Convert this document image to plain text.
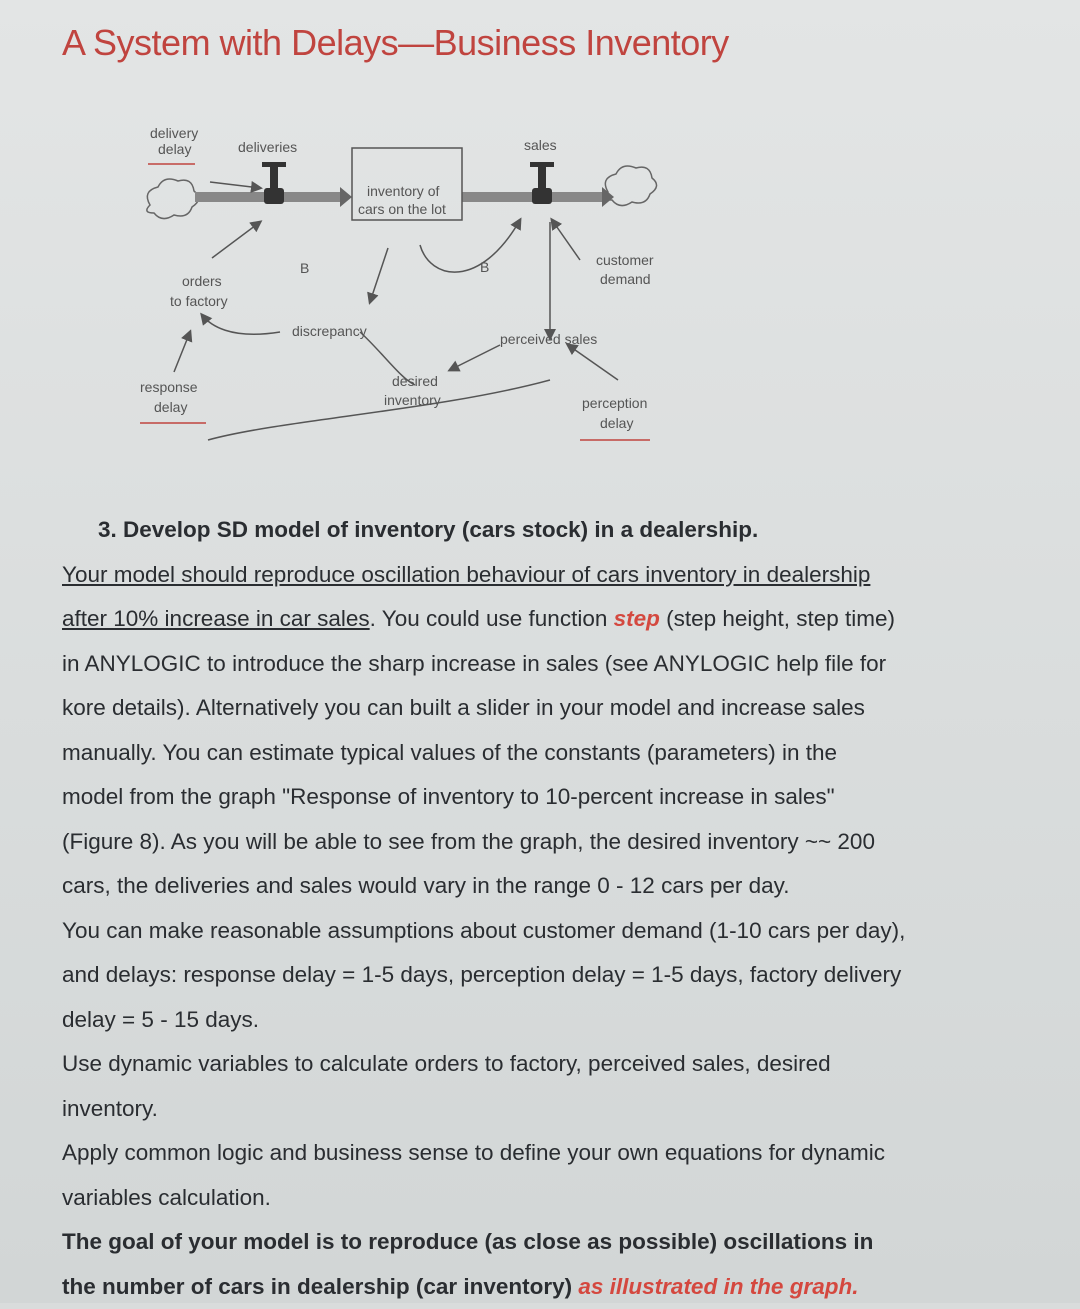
A System with Delays—Business Inventory
delivery
delay	deliveries	sales
inventory of
cars on the lot
B	B	customer
demand
orders
to factory
discrepancy	perceived sales
desired
inventory
response
delay	perception
delay

3. Develop SD model of inventory (cars stock) in a dealership.

Your model should reproduce oscillation behaviour of cars inventory in dealership

after 10% increase in car sales. You could use function step (step height, step time)

in ANYLOGIC to introduce the sharp increase in sales (see ANYLOGIC help file for

kore details). Alternatively you can built a slider in your model and increase sales

manually. You can estimate typical values of the constants (parameters) in the

model from the graph "Response of inventory to 10-percent increase in sales"

(Figure 8). As you will be able to see from the graph, the desired inventory ~~ 200

cars, the deliveries and sales would vary in the range 0 - 12 cars per day.

You can make reasonable assumptions about customer demand (1-10 cars per day),

and delays: response delay = 1-5 days, perception delay = 1-5 days, factory delivery

delay = 5 - 15 days.

Use dynamic variables to calculate orders to factory, perceived sales, desired

inventory.

Apply common logic and business sense to define your own equations for dynamic

variables calculation.

The goal of your model is to reproduce (as close as possible) oscillations in

the number of cars in dealership (car inventory) as illustrated in the graph.
